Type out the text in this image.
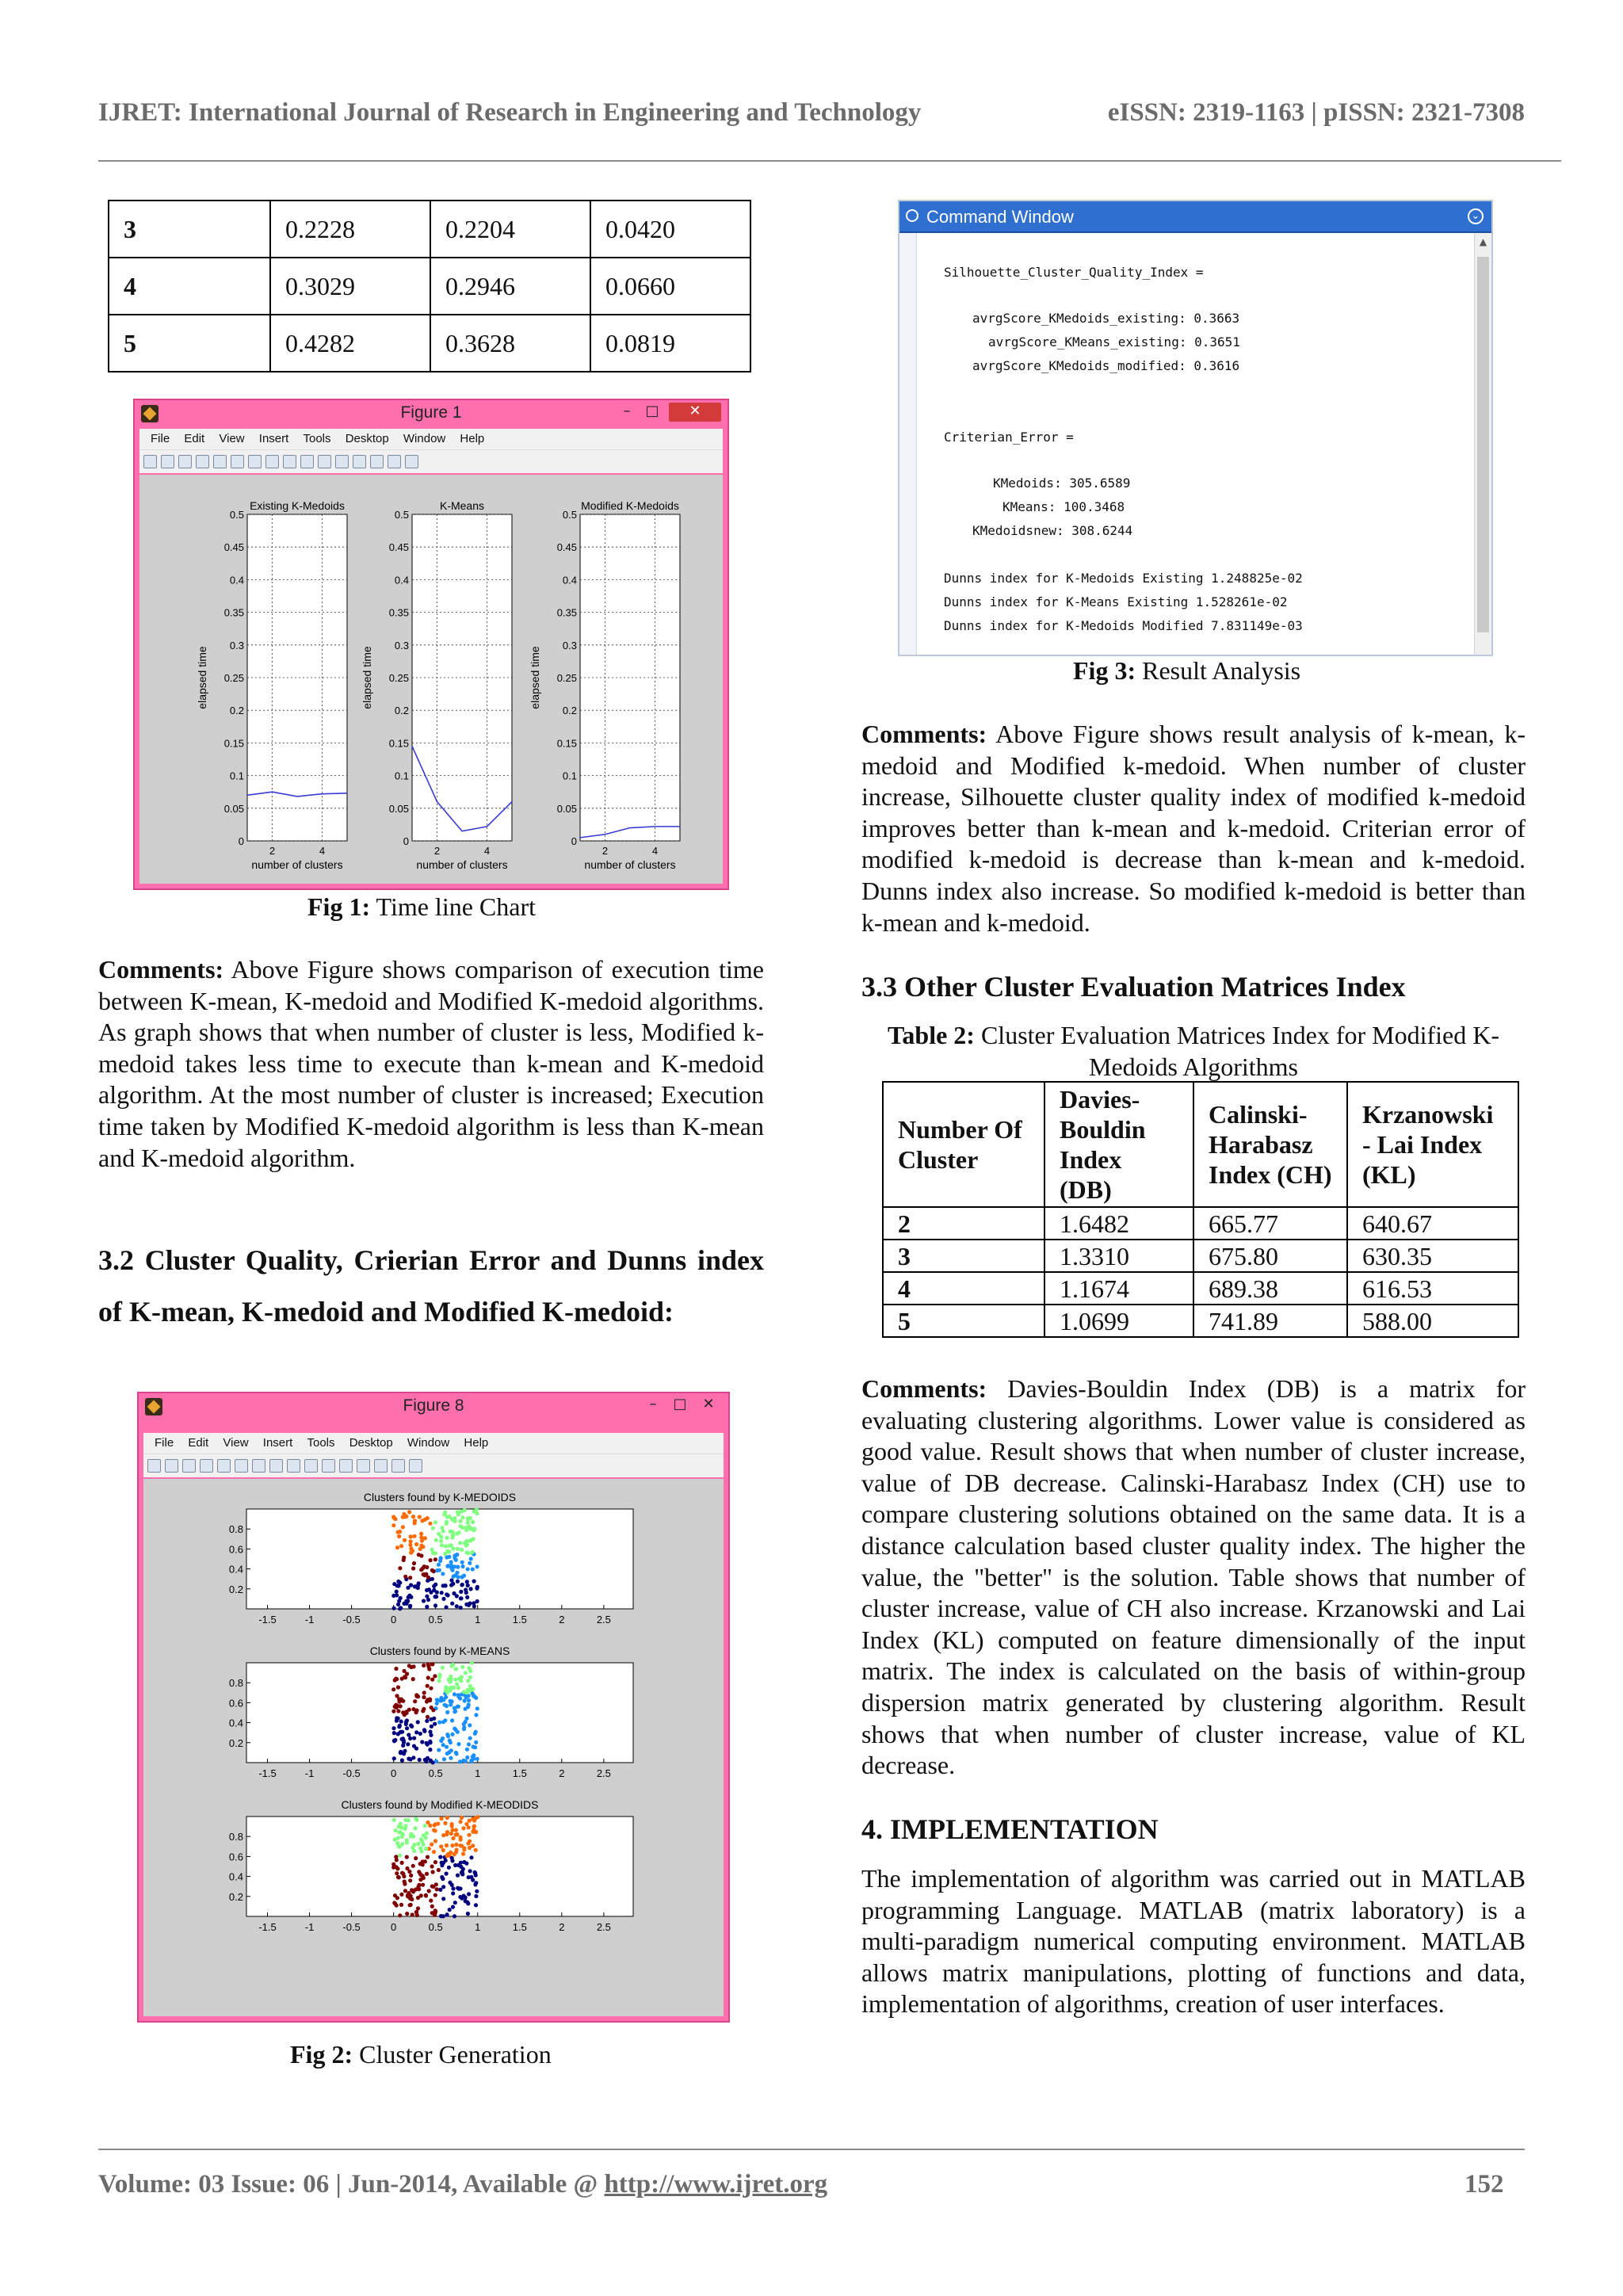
IJRET: International Journal of Research in Engineering and Technology	eISSN: 2319-1163 | pISSN: 2321-7308
3	0.2228	0.2204	0.0420
4	0.3029	0.2946	0.0660
5	0.4282	0.3628	0.0819
Figure 1	–	□	✕
File Edit View Insert Tools Desktop Window Help
0
0.05
0.1
0.15
0.2
0.25
0.3
0.35
0.4
0.45
0.5
2	4
Existing K-Medoids
number of clusters
elapsed time
0
0.05
0.1
0.15
0.2
0.25
0.3
0.35
0.4
0.45
0.5
2	4
K-Means
number of clusters
elapsed time
0
0.05
0.1
0.15
0.2
0.25
0.3
0.35
0.4
0.45
0.5
2	4
Modified K-Medoids
number of clusters
elapsed time
Fig 1: Time line Chart
Comments: Above Figure shows comparison of execution time between K-mean, K-medoid and Modified K-medoid algorithms. As graph shows that when number of cluster is less, Modified k-medoid takes less time to execute than k-mean and K-medoid algorithm. At the most number of cluster is increased; Execution time taken by Modified K-medoid algorithm is less than K-mean and K-medoid algorithm.
3.2 Cluster Quality, Crierian Error and Dunns index of K-mean, K-medoid and Modified K-medoid:
Figure 8	–	□	✕
File Edit View Insert Tools Desktop Window Help
Clusters found by K-MEDOIDS
0.2
0.4
0.6
0.8
-1.5	-1	-0.5	0	0.5	1	1.5	2	2.5
Clusters found by K-MEANS
0.2
0.4
0.6
0.8
-1.5	-1	-0.5	0	0.5	1	1.5	2	2.5
Clusters found by Modified K-MEODIDS
0.2
0.4
0.6
0.8
-1.5	-1	-0.5	0	0.5	1	1.5	2	2.5
Fig 2: Cluster Generation
Command Window	⌄
▲
Silhouette_Cluster_Quality_Index =
avrgScore_KMedoids_existing: 0.3663
avrgScore_KMeans_existing: 0.3651
avrgScore_KMedoids_modified: 0.3616
Criterian_Error =
KMedoids: 305.6589
KMeans: 100.3468
KMedoidsnew: 308.6244
Dunns index for K-Medoids Existing 1.248825e-02
Dunns index for K-Means Existing 1.528261e-02
Dunns index for K-Medoids Modified 7.831149e-03
Fig 3: Result Analysis
Comments: Above Figure shows result analysis of k-mean, k-medoid and Modified k-medoid. When number of cluster increase, Silhouette cluster quality index of modified k-medoid improves better than k-mean and k-medoid. Criterian error of modified k-medoid is decrease than k-mean and k-medoid. Dunns index also increase. So modified k-medoid is better than k-mean and k-medoid.
3.3 Other Cluster Evaluation Matrices Index
Table 2: Cluster Evaluation Matrices Index for Modified K-Medoids Algorithms
Number Of Cluster	Davies-Bouldin Index (DB)	Calinski-Harabasz Index (CH)	Krzanowski - Lai Index (KL)
2	1.6482	665.77	640.67
3	1.3310	675.80	630.35
4	1.1674	689.38	616.53
5	1.0699	741.89	588.00
Comments: Davies-Bouldin Index (DB) is a matrix for evaluating clustering algorithms. Lower value is considered as good value. Result shows that when number of cluster increase, value of DB decrease. Calinski-Harabasz Index (CH) use to compare clustering solutions obtained on the same data. It is a distance calculation based cluster quality index. The higher the value, the "better" is the solution. Table shows that number of cluster increase, value of CH also increase. Krzanowski and Lai Index (KL) computed on feature dimensionally of the input matrix. The index is calculated on the basis of within-group dispersion matrix generated by clustering algorithm. Result shows that when number of cluster increase, value of KL decrease.
4. IMPLEMENTATION
The implementation of algorithm was carried out in MATLAB programming Language. MATLAB (matrix laboratory) is a multi-paradigm numerical computing environment. MATLAB allows matrix manipulations, plotting of functions and data, implementation of algorithms, creation of user interfaces.
Volume: 03 Issue: 06 | Jun-2014, Available @ http://www.ijret.org	152
